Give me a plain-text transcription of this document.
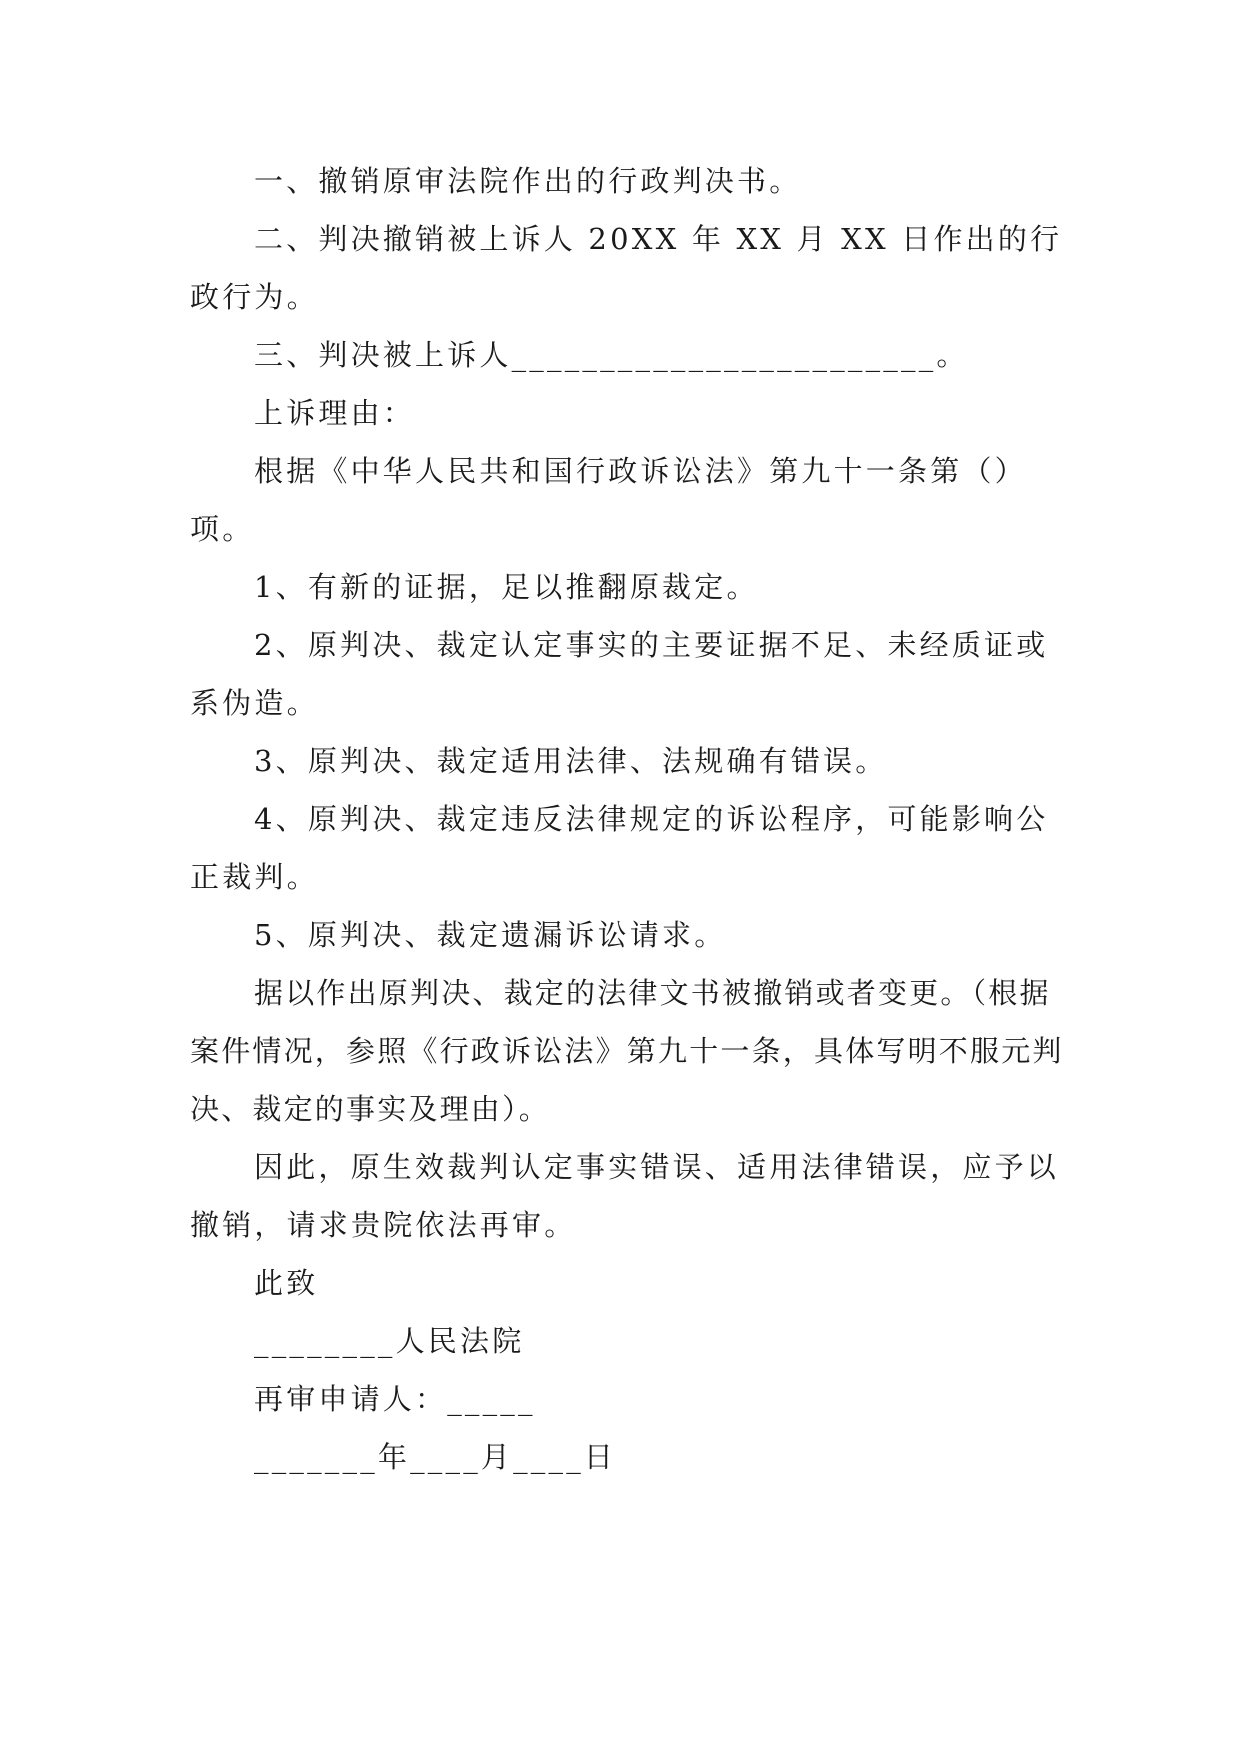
一、撤销原审法院作出的行政判决书。

二、判决撤销被上诉人 20XX 年 XX 月 XX 日作出的行政行为。

三、判决被上诉人________________________。

上诉理由：

根据《中华人民共和国行政诉讼法》第九十一条第（）项。

1、有新的证据，足以推翻原裁定。

2、原判决、裁定认定事实的主要证据不足、未经质证或系伪造。

3、原判决、裁定适用法律、法规确有错误。

4、原判决、裁定违反法律规定的诉讼程序，可能影响公正裁判。

5、原判决、裁定遗漏诉讼请求。

据以作出原判决、裁定的法律文书被撤销或者变更。（根据案件情况，参照《行政诉讼法》第九十一条，具体写明不服元判决、裁定的事实及理由）。

因此，原生效裁判认定事实错误、适用法律错误，应予以撤销，请求贵院依法再审。

此致

________人民法院

再审申请人：_____

_______年____月____日
